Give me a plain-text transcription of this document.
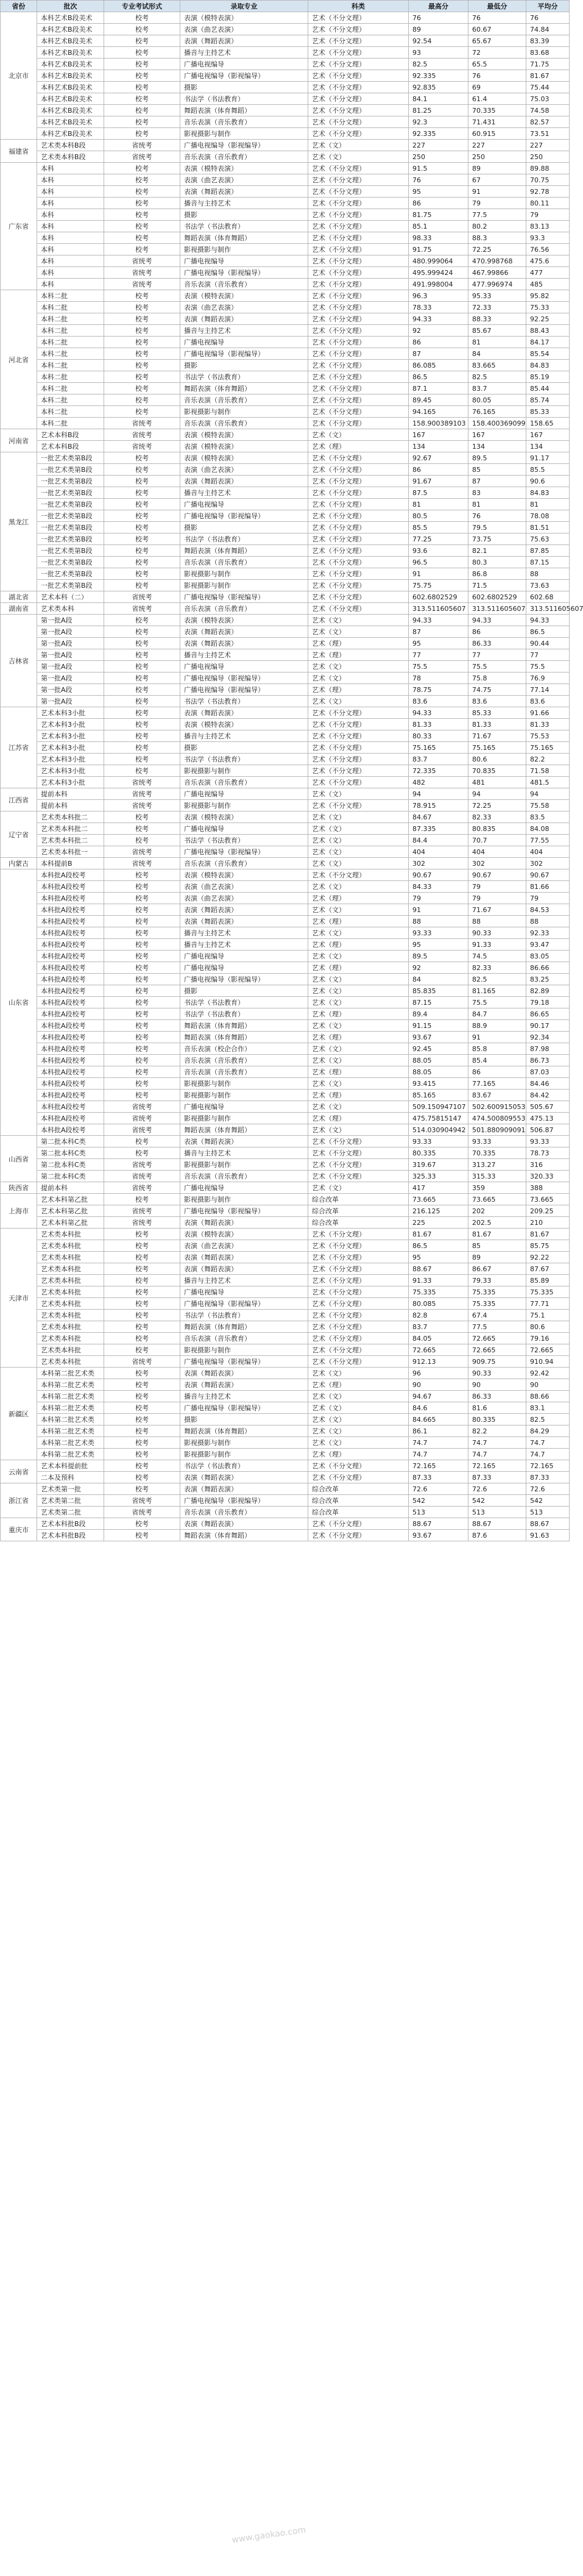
省份	批次	专业考试形式	录取专业	科类	最高分	最低分	平均分
北京市	本科艺术B段美术	校考	表演（模特表演）	艺术（不分文理）	76	76	76
	本科艺术B段美术	校考	表演（曲艺表演）	艺术（不分文理）	89	60.67	74.84
	本科艺术B段美术	校考	表演（舞蹈表演）	艺术（不分文理）	92.54	65.67	83.39
	本科艺术B段美术	校考	播音与主持艺术	艺术（不分文理）	93	72	83.68
	本科艺术B段美术	校考	广播电视编导	艺术（不分文理）	82.5	65.5	71.75
	本科艺术B段美术	校考	广播电视编导（影视编导）	艺术（不分文理）	92.335	76	81.67
	本科艺术B段美术	校考	摄影	艺术（不分文理）	92.835	69	75.44
	本科艺术B段美术	校考	书法学（书法教育）	艺术（不分文理）	84.1	61.4	75.03
	本科艺术B段美术	校考	舞蹈表演（体育舞蹈）	艺术（不分文理）	81.25	70.335	74.58
	本科艺术B段美术	校考	音乐表演（音乐教育）	艺术（不分文理）	92.3	71.431	82.57
	本科艺术B段美术	校考	影视摄影与制作	艺术（不分文理）	92.335	60.915	73.51
福建省	艺术类本科B段	省统考	广播电视编导（影视编导）	艺术（文）	227	227	227
	艺术类本科B段	省统考	音乐表演（音乐教育）	艺术（文）	250	250	250
广东省	本科	校考	表演（模特表演）	艺术（不分文理）	91.5	89	89.88
	本科	校考	表演（曲艺表演）	艺术（不分文理）	76	67	70.75
	本科	校考	表演（舞蹈表演）	艺术（不分文理）	95	91	92.78
	本科	校考	播音与主持艺术	艺术（不分文理）	86	79	80.11
	本科	校考	摄影	艺术（不分文理）	81.75	77.5	79
	本科	校考	书法学（书法教育）	艺术（不分文理）	85.1	80.2	83.13
	本科	校考	舞蹈表演（体育舞蹈）	艺术（不分文理）	98.33	88.3	93.3
	本科	校考	影视摄影与制作	艺术（不分文理）	91.75	72.25	76.56
	本科	省统考	广播电视编导	艺术（不分文理）	480.999064	470.998768	475.6
	本科	省统考	广播电视编导（影视编导）	艺术（不分文理）	495.999424	467.99866	477
	本科	省统考	音乐表演（音乐教育）	艺术（不分文理）	491.998004	477.996974	485
河北省	本科二批	校考	表演（模特表演）	艺术（不分文理）	96.3	95.33	95.82
	本科二批	校考	表演（曲艺表演）	艺术（不分文理）	78.33	72.33	75.33
	本科二批	校考	表演（舞蹈表演）	艺术（不分文理）	94.33	88.33	92.25
	本科二批	校考	播音与主持艺术	艺术（不分文理）	92	85.67	88.43
	本科二批	校考	广播电视编导	艺术（不分文理）	86	81	84.17
	本科二批	校考	广播电视编导（影视编导）	艺术（不分文理）	87	84	85.54
	本科二批	校考	摄影	艺术（不分文理）	86.085	83.665	84.83
	本科二批	校考	书法学（书法教育）	艺术（不分文理）	86.5	82.5	85.19
	本科二批	校考	舞蹈表演（体育舞蹈）	艺术（不分文理）	87.1	83.7	85.44
	本科二批	校考	音乐表演（音乐教育）	艺术（不分文理）	89.45	80.05	85.74
	本科二批	校考	影视摄影与制作	艺术（不分文理）	94.165	76.165	85.33
	本科二批	省统考	音乐表演（音乐教育）	艺术（不分文理）	158.900389103	158.400369099	158.65
河南省	艺术本科B段	省统考	表演（模特表演）	艺术（文）	167	167	167
	艺术本科B段	省统考	表演（模特表演）	艺术（理）	134	134	134
黑龙江	一批艺术类第B段	校考	表演（模特表演）	艺术（不分文理）	92.67	89.5	91.17
	一批艺术类第B段	校考	表演（曲艺表演）	艺术（不分文理）	86	85	85.5
	一批艺术类第B段	校考	表演（舞蹈表演）	艺术（不分文理）	91.67	87	90.6
	一批艺术类第B段	校考	播音与主持艺术	艺术（不分文理）	87.5	83	84.83
	一批艺术类第B段	校考	广播电视编导	艺术（不分文理）	81	81	81
	一批艺术类第B段	校考	广播电视编导（影视编导）	艺术（不分文理）	80.5	76	78.08
	一批艺术类第B段	校考	摄影	艺术（不分文理）	85.5	79.5	81.51
	一批艺术类第B段	校考	书法学（书法教育）	艺术（不分文理）	77.25	73.75	75.63
	一批艺术类第B段	校考	舞蹈表演（体育舞蹈）	艺术（不分文理）	93.6	82.1	87.85
	一批艺术类第B段	校考	音乐表演（音乐教育）	艺术（不分文理）	96.5	80.3	87.15
	一批艺术类第B段	校考	影视摄影与制作	艺术（不分文理）	91	86.8	88
	一批艺术类第B段	校考	影视摄影与制作	艺术（不分文理）	75.75	71.5	73.63
湖北省	艺术本科（二）	省统考	广播电视编导（影视编导）	艺术（不分文理）	602.6802529	602.6802529	602.68
湖南省	艺术类本科	省统考	音乐表演（音乐教育）	艺术（不分文理）	313.511605607	313.511605607	313.511605607
吉林省	第一批A段	校考	表演（模特表演）	艺术（文）	94.33	94.33	94.33
	第一批A段	校考	表演（舞蹈表演）	艺术（文）	87	86	86.5
	第一批A段	校考	表演（舞蹈表演）	艺术（理）	95	86.33	90.44
	第一批A段	校考	播音与主持艺术	艺术（理）	77	77	77
	第一批A段	校考	广播电视编导	艺术（文）	75.5	75.5	75.5
	第一批A段	校考	广播电视编导（影视编导）	艺术（文）	78	75.8	76.9
	第一批A段	校考	广播电视编导（影视编导）	艺术（理）	78.75	74.75	77.14
	第一批A段	校考	书法学（书法教育）	艺术（文）	83.6	83.6	83.6
江苏省	艺术本科3小批	校考	表演（舞蹈表演）	艺术（不分文理）	94.33	85.33	91.66
	艺术本科3小批	校考	表演（模特表演）	艺术（不分文理）	81.33	81.33	81.33
	艺术本科3小批	校考	播音与主持艺术	艺术（不分文理）	80.33	71.67	75.53
	艺术本科3小批	校考	摄影	艺术（不分文理）	75.165	75.165	75.165
	艺术本科3小批	校考	书法学（书法教育）	艺术（不分文理）	83.7	80.6	82.2
	艺术本科3小批	校考	影视摄影与制作	艺术（不分文理）	72.335	70.835	71.58
	艺术本科3小批	省统考	音乐表演（音乐教育）	艺术（不分文理）	482	481	481.5
江西省	提前本科	省统考	广播电视编导	艺术（文）	94	94	94
	提前本科	省统考	影视摄影与制作	艺术（不分文理）	78.915	72.25	75.58
辽宁省	艺术类本科批二	校考	表演（模特表演）	艺术（文）	84.67	82.33	83.5
	艺术类本科批二	校考	广播电视编导	艺术（文）	87.335	80.835	84.08
	艺术类本科批二	校考	书法学（书法教育）	艺术（文）	84.4	70.7	77.55
	艺术类本科批一	省统考	广播电视编导（影视编导）	艺术（文）	404	404	404
内蒙古	本科提前B	省统考	音乐表演（音乐教育）	艺术（文）	302	302	302
山东省	本科批A段校考	校考	表演（模特表演）	艺术（不分文理）	90.67	90.67	90.67
	本科批A段校考	校考	表演（曲艺表演）	艺术（文）	84.33	79	81.66
	本科批A段校考	校考	表演（曲艺表演）	艺术（理）	79	79	79
	本科批A段校考	校考	表演（舞蹈表演）	艺术（文）	91	71.67	84.53
	本科批A段校考	校考	表演（舞蹈表演）	艺术（理）	88	88	88
	本科批A段校考	校考	播音与主持艺术	艺术（文）	93.33	90.33	92.33
	本科批A段校考	校考	播音与主持艺术	艺术（理）	95	91.33	93.47
	本科批A段校考	校考	广播电视编导	艺术（文）	89.5	74.5	83.05
	本科批A段校考	校考	广播电视编导	艺术（理）	92	82.33	86.66
	本科批A段校考	校考	广播电视编导（影视编导）	艺术（文）	84	82.5	83.25
	本科批A段校考	校考	摄影	艺术（文）	85.835	81.165	82.89
	本科批A段校考	校考	书法学（书法教育）	艺术（文）	87.15	75.5	79.18
	本科批A段校考	校考	书法学（书法教育）	艺术（理）	89.4	84.7	86.65
	本科批A段校考	校考	舞蹈表演（体育舞蹈）	艺术（文）	91.15	88.9	90.17
	本科批A段校考	校考	舞蹈表演（体育舞蹈）	艺术（理）	93.67	91	92.34
	本科批A段校考	校考	音乐表演（校企合作）	艺术（文）	92.45	85.8	87.98
	本科批A段校考	校考	音乐表演（音乐教育）	艺术（文）	88.05	85.4	86.73
	本科批A段校考	校考	音乐表演（音乐教育）	艺术（理）	88.05	86	87.03
	本科批A段校考	校考	影视摄影与制作	艺术（文）	93.415	77.165	84.46
	本科批A段校考	校考	影视摄影与制作	艺术（理）	85.165	83.67	84.42
	本科批A段校考	省统考	广播电视编导	艺术（文）	509.150947107	502.600915053	505.67
	本科批A段校考	省统考	影视摄影与制作	艺术（理）	475.75815147	474.500809553	475.13
	本科批A段校考	省统考	舞蹈表演（体育舞蹈）	艺术（文）	514.030904942	501.880909091	506.87
山西省	第二批本科C类	校考	表演（舞蹈表演）	艺术（不分文理）	93.33	93.33	93.33
	第二批本科C类	校考	播音与主持艺术	艺术（不分文理）	80.335	70.335	78.73
	第二批本科C类	省统考	影视摄影与制作	艺术（不分文理）	319.67	313.27	316
	第二批本科C类	省统考	音乐表演（音乐教育）	艺术（不分文理）	325.33	315.33	320.33
陕西省	提前本科	省统考	广播电视编导	艺术（文）	417	359	388
上海市	艺术本科第乙批	校考	影视摄影与制作	综合改革	73.665	73.665	73.665
	艺术本科第乙批	省统考	广播电视编导（影视编导）	综合改革	216.125	202	209.25
	艺术本科第乙批	省统考	表演（舞蹈表演）	综合改革	225	202.5	210
天津市	艺术类本科批	校考	表演（模特表演）	艺术（不分文理）	81.67	81.67	81.67
	艺术类本科批	校考	表演（曲艺表演）	艺术（不分文理）	86.5	85	85.75
	艺术类本科批	校考	表演（舞蹈表演）	艺术（不分文理）	95	89	92.22
	艺术类本科批	校考	表演（舞蹈表演）	艺术（不分文理）	88.67	86.67	87.67
	艺术类本科批	校考	播音与主持艺术	艺术（不分文理）	91.33	79.33	85.89
	艺术类本科批	校考	广播电视编导	艺术（不分文理）	75.335	75.335	75.335
	艺术类本科批	校考	广播电视编导（影视编导）	艺术（不分文理）	80.085	75.335	77.71
	艺术类本科批	校考	书法学（书法教育）	艺术（不分文理）	82.8	67.4	75.1
	艺术类本科批	校考	舞蹈表演（体育舞蹈）	艺术（不分文理）	83.7	77.5	80.6
	艺术类本科批	校考	音乐表演（音乐教育）	艺术（不分文理）	84.05	72.665	79.16
	艺术类本科批	校考	影视摄影与制作	艺术（不分文理）	72.665	72.665	72.665
	艺术类本科批	省统考	广播电视编导（影视编导）	艺术（不分文理）	912.13	909.75	910.94
新疆区	本科第二批艺术类	校考	表演（舞蹈表演）	艺术（文）	96	90.33	92.42
	本科第二批艺术类	校考	表演（舞蹈表演）	艺术（理）	90	90	90
	本科第二批艺术类	校考	播音与主持艺术	艺术（文）	94.67	86.33	88.66
	本科第二批艺术类	校考	广播电视编导（影视编导）	艺术（文）	84.6	81.6	83.1
	本科第二批艺术类	校考	摄影	艺术（文）	84.665	80.335	82.5
	本科第二批艺术类	校考	舞蹈表演（体育舞蹈）	艺术（文）	86.1	82.2	84.29
	本科第二批艺术类	校考	影视摄影与制作	艺术（文）	74.7	74.7	74.7
	本科第二批艺术类	校考	影视摄影与制作	艺术（理）	74.7	74.7	74.7
云南省	艺术本科提前批	校考	书法学（书法教育）	艺术（不分文理）	72.165	72.165	72.165
	二本及预科	校考	表演（舞蹈表演）	艺术（不分文理）	87.33	87.33	87.33
浙江省	艺术类第一批	校考	表演（舞蹈表演）	综合改革	72.6	72.6	72.6
	艺术类第二批	省统考	广播电视编导（影视编导）	综合改革	542	542	542
	艺术类第二批	省统考	音乐表演（音乐教育）	综合改革	513	513	513
重庆市	艺术本科批B段	校考	表演（舞蹈表演）	艺术（不分文理）	88.67	88.67	88.67
	艺术本科批B段	校考	舞蹈表演（体育舞蹈）	艺术（不分文理）	93.67	87.6	91.63
www.gaokao.com
